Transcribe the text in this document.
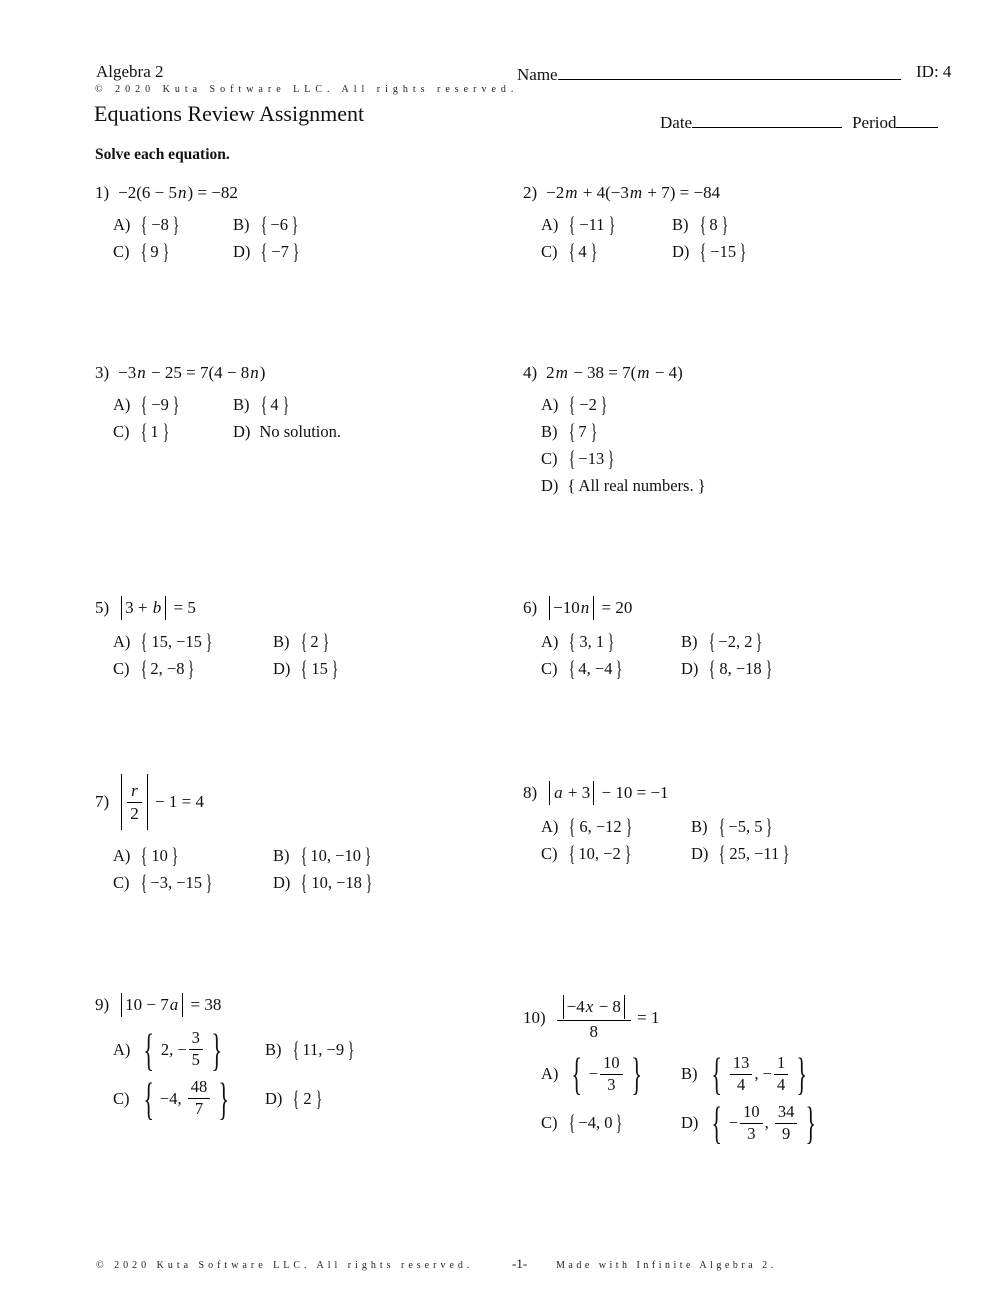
Algebra 2	Name	ID: 4
© 2020 Kuta Software LLC. All rights reserved.
Equations Review Assignment	Date	Period
Solve each equation.
1) −2(6 − 5 n ) = −82
A) { −8 }	B) { −6 }
C) { 9 }	D) { −7 }
2) −2 m + 4(−3 m + 7) = −84
A) { −11 }	B) { 8 }
C) { 4 }	D) { −15 }
3) −3 n − 25 = 7(4 − 8 n )
A) { −9 }	B) { 4 }
C) { 1 }	D) No solution.
4) 2 m − 38 = 7( m − 4)
A) { −2 }
B) { 7 }
C) { −13 }
D) { All real numbers. }
5) 3 + b = 5
A) { 15, −15 }	B) { 2 }
C) { 2, −8 }	D) { 15 }
6) −10 n = 20
A) { 3, 1 }	B) { −2, 2 }
C) { 4, −4 }	D) { 8, −18 }
$7) \frac{r}{2} - 1 = 4$
A) { 10 }	B) { 10, −10 }
C) { −3, −15 }	D) { 10, −18 }
8) a + 3 − 10 = −1
A) { 6, −12 }	B) { −5, 5 }
C) { 10, −2 }	D) { 25, −11 }
9) 10 − 7 a = 38
A) { 2, − $\frac{3}{5}$ }	B) { 11, −9 }
C) { −4, $\frac{48}{7}$ } D) { 2 }
$10) \frac{-4 x - 8}{8} = 1$
A) { − $\frac{10}{3}$ } B) { $\frac{13}{4}$ , − $\frac{1}{4}$ }
C) { −4, 0 }	D) { − $\frac{10}{3}$ , $\frac{34}{9}$ }
© 2020 Kuta Software LLC. All rights reserved.	-1-	Made with Infinite Algebra 2.
